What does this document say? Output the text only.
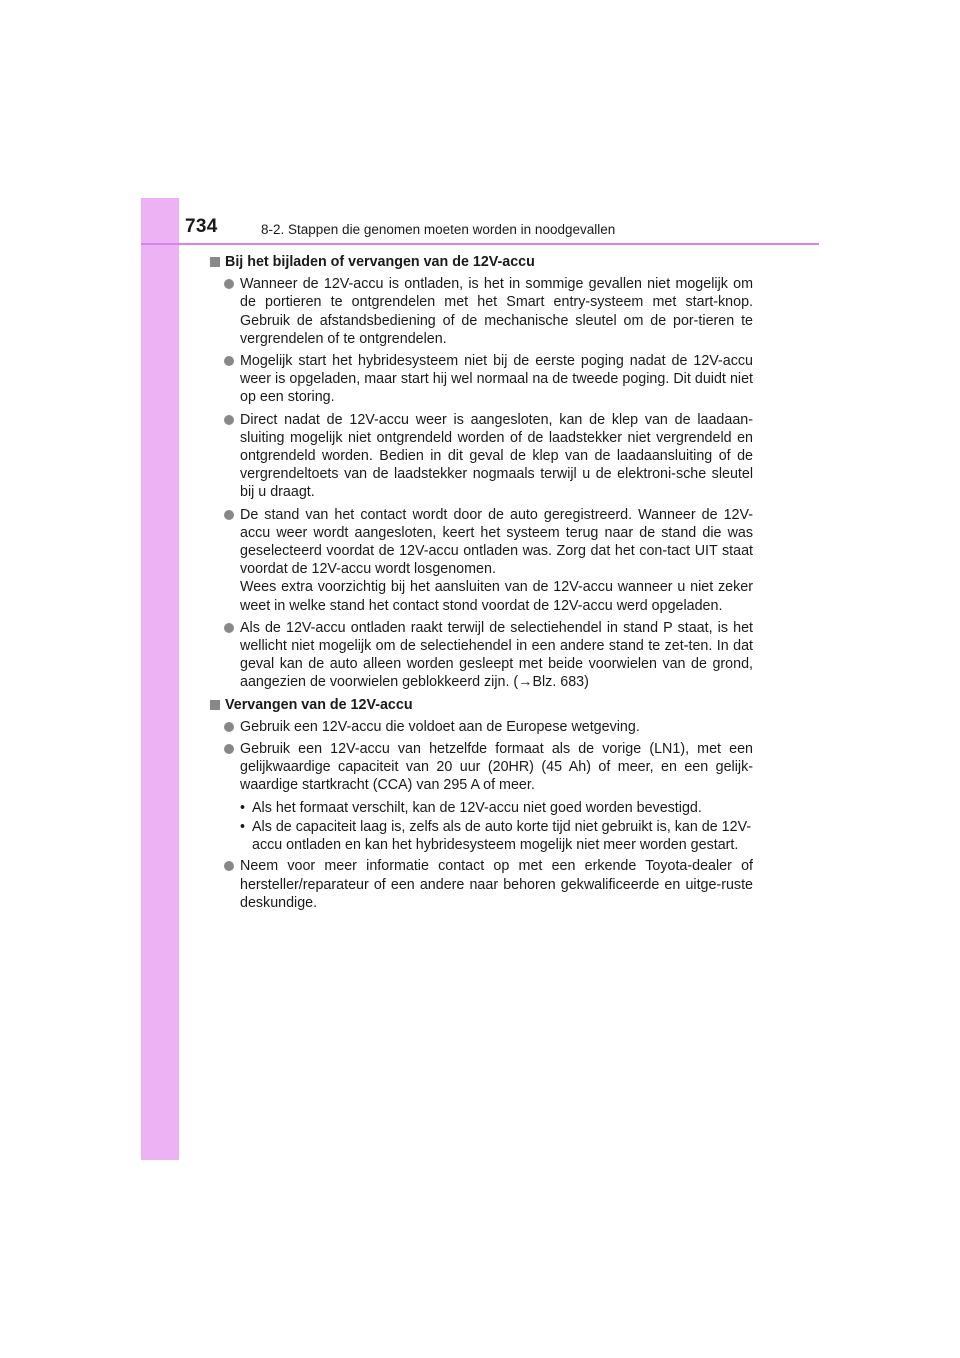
734	8-2. Stappen die genomen moeten worden in noodgevallen
Bij het bijladen of vervangen van de 12V-accu

Wanneer de 12V-accu is ontladen, is het in sommige gevallen niet mogelijk om de portieren te ontgrendelen met het Smart entry-systeem met start-knop. Gebruik de afstandsbediening of de mechanische sleutel om de por-tieren te vergrendelen of te ontgrendelen.

Mogelijk start het hybridesysteem niet bij de eerste poging nadat de 12V-accu weer is opgeladen, maar start hij wel normaal na de tweede poging. Dit duidt niet op een storing.

Direct nadat de 12V-accu weer is aangesloten, kan de klep van de laadaan-sluiting mogelijk niet ontgrendeld worden of de laadstekker niet vergrendeld en ontgrendeld worden. Bedien in dit geval de klep van de laadaansluiting of de vergrendeltoets van de laadstekker nogmaals terwijl u de elektroni-sche sleutel bij u draagt.

De stand van het contact wordt door de auto geregistreerd. Wanneer de 12V-accu weer wordt aangesloten, keert het systeem terug naar de stand die was geselecteerd voordat de 12V-accu ontladen was. Zorg dat het con-tact UIT staat voordat de 12V-accu wordt losgenomen.

Wees extra voorzichtig bij het aansluiten van de 12V-accu wanneer u niet zeker weet in welke stand het contact stond voordat de 12V-accu werd opgeladen.

Als de 12V-accu ontladen raakt terwijl de selectiehendel in stand P staat, is het wellicht niet mogelijk om de selectiehendel in een andere stand te zet-ten. In dat geval kan de auto alleen worden gesleept met beide voorwielen van de grond, aangezien de voorwielen geblokkeerd zijn. (→Blz. 683)

Vervangen van de 12V-accu

Gebruik een 12V-accu die voldoet aan de Europese wetgeving.

Gebruik een 12V-accu van hetzelfde formaat als de vorige (LN1), met een gelijkwaardige capaciteit van 20 uur (20HR) (45 Ah) of meer, en een gelijk-waardige startkracht (CCA) van 295 A of meer.

• Als het formaat verschilt, kan de 12V-accu niet goed worden bevestigd.
• Als de capaciteit laag is, zelfs als de auto korte tijd niet gebruikt is, kan de 12V-accu ontladen en kan het hybridesysteem mogelijk niet meer worden gestart.

Neem voor meer informatie contact op met een erkende Toyota-dealer of hersteller/reparateur of een andere naar behoren gekwalificeerde en uitge-ruste deskundige.
